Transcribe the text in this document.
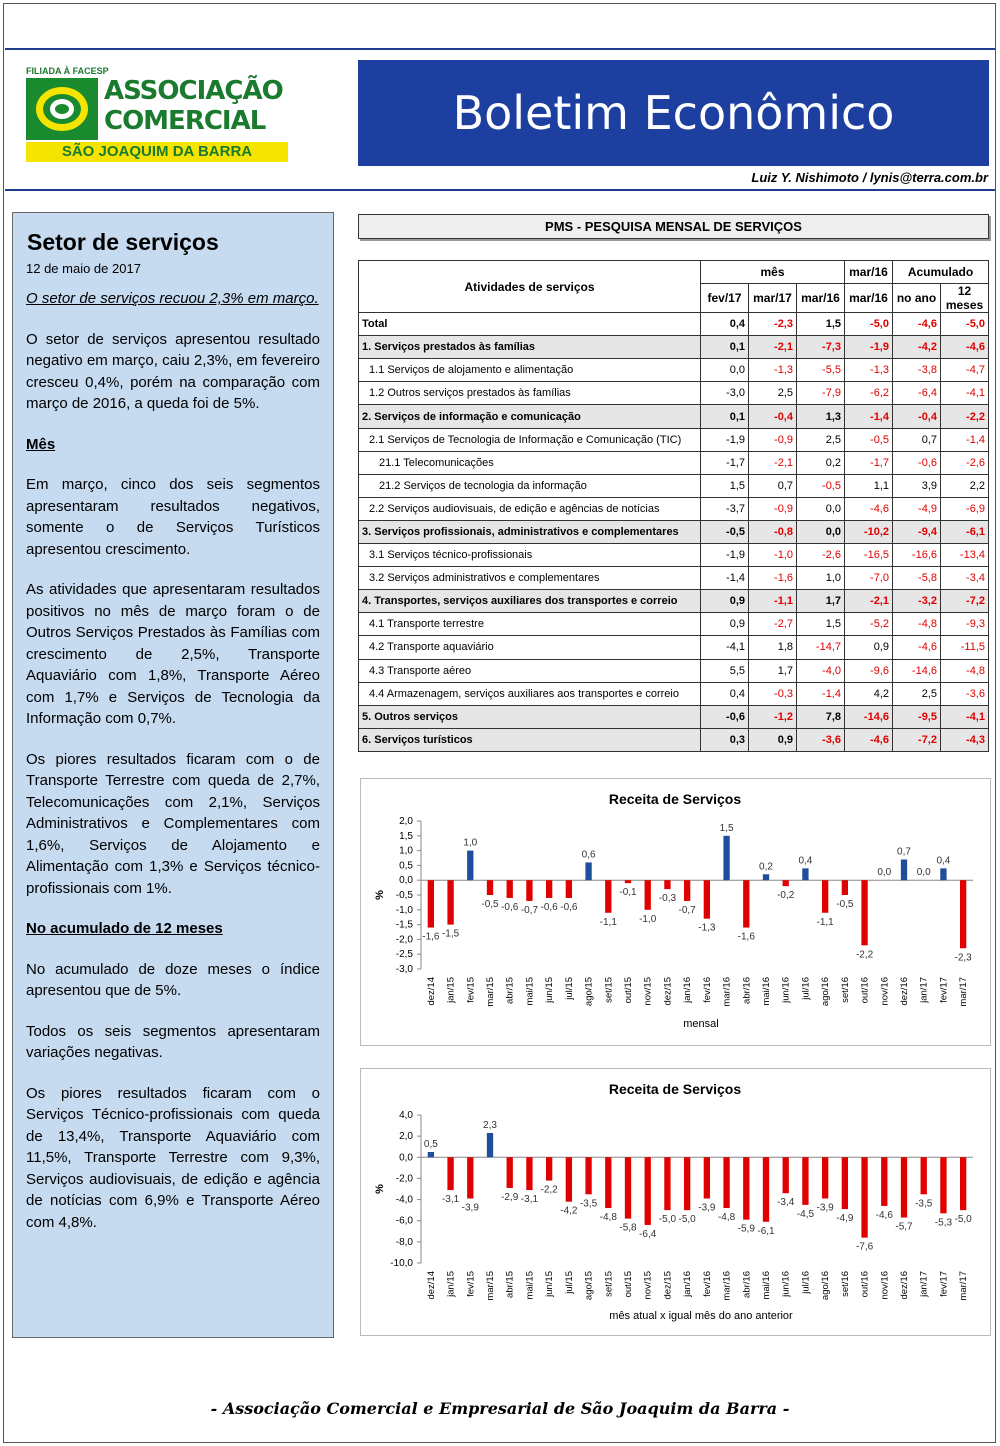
FILIADA À FACESP
ASSOCIAÇÃO
COMERCIAL
SÃO JOAQUIM DA BARRA
Boletim Econômico
Luiz Y. Nishimoto / lynis@terra.com.br
Setor de serviços
12 de maio de 2017

O setor de serviços recuou 2,3% em março.

O setor de serviços apresentou resultado negativo em março, caiu 2,3%, em fevereiro cresceu 0,4%, porém na comparação com março de 2016, a queda foi de 5%.

Mês

Em março, cinco dos seis segmentos apresentaram resultados negativos, somente o de Serviços Turísticos apresentou crescimento.

As atividades que apresentaram resultados positivos no mês de março foram o de Outros Serviços Prestados às Famílias com crescimento de 2,5%, Transporte Aquaviário com 1,8%, Transporte Aéreo com 1,7% e Serviços de Tecnologia da Informação com 0,7%.

Os piores resultados ficaram com o de Transporte Terrestre com queda de 2,7%, Telecomunicações com 2,1%, Serviços Administrativos e Complementares com 1,6%, Serviços de Alojamento e Alimentação com 1,3% e Serviços técnico-profissionais com 1%.

No acumulado de 12 meses

No acumulado de doze meses o índice apresentou que de 5%.

Todos os seis segmentos apresentaram variações negativas.

Os piores resultados ficaram com o Serviços Técnico-profissionais com queda de 13,4%, Transporte Aquaviário com 11,5%, Transporte Terrestre com 9,3%, Serviços audiovisuais, de edição e agência de notícias com 6,9% e Transporte Aéreo com 4,8%.

PMS - PESQUISA MENSAL DE SERVIÇOS
Atividades de serviços	mês			mar/16	Acumulado	
	fev/17	mar/17	mar/16	mar/16	no ano	12 meses
Total	0,4	-2,3	1,5	-5,0	-4,6	-5,0
1. Serviços prestados às famílias	0,1	-2,1	-7,3	-1,9	-4,2	-4,6
1.1 Serviços de alojamento e alimentação	0,0	-1,3	-5,5	-1,3	-3,8	-4,7
1.2 Outros serviços prestados às famílias	-3,0	2,5	-7,9	-6,2	-6,4	-4,1
2. Serviços de informação e comunicação	0,1	-0,4	1,3	-1,4	-0,4	-2,2
2.1 Serviços de Tecnologia de Informação e Comunicação (TIC)	-1,9	-0,9	2,5	-0,5	0,7	-1,4
21.1 Telecomunicações	-1,7	-2,1	0,2	-1,7	-0,6	-2,6
21.2 Serviços de tecnologia da informação	1,5	0,7	-0,5	1,1	3,9	2,2
2.2 Serviços audiovisuais, de edição e agências de notícias	-3,7	-0,9	0,0	-4,6	-4,9	-6,9
3. Serviços profissionais, administrativos e complementares	-0,5	-0,8	0,0	-10,2	-9,4	-6,1
3.1 Serviços técnico-profissionais	-1,9	-1,0	-2,6	-16,5	-16,6	-13,4
3.2 Serviços administrativos e complementares	-1,4	-1,6	1,0	-7,0	-5,8	-3,4
4. Transportes, serviços auxiliares dos transportes e correio	0,9	-1,1	1,7	-2,1	-3,2	-7,2
4.1 Transporte terrestre	0,9	-2,7	1,5	-5,2	-4,8	-9,3
4.2 Transporte aquaviário	-4,1	1,8	-14,7	0,9	-4,6	-11,5
4.3 Transporte aéreo	5,5	1,7	-4,0	-9,6	-14,6	-4,8
4.4 Armazenagem, serviços auxiliares aos transportes e correio	0,4	-0,3	-1,4	4,2	2,5	-3,6
5. Outros serviços	-0,6	-1,2	7,8	-14,6	-9,5	-4,1
6. Serviços turísticos	0,3	0,9	-3,6	-4,6	-7,2	-4,3
Receita de Serviços
2,0
1,5
1,0
0,5
0,0
-0,5
-1,0
-1,5
-2,0
-2,5
-3,0
%
-1,6
dez/14
-1,5
jan/15
1,0
fev/15
-0,5
mar/15
-0,6
abr/15
-0,7
mai/15
-0,6
jun/15
-0,6
jul/15
0,6
ago/15
-1,1
set/15
-0,1
out/15
-1,0
nov/15
-0,3
dez/15
-0,7
jan/16
-1,3
fev/16
1,5
mar/16
-1,6
abr/16
0,2
mai/16
-0,2
jun/16
0,4
jul/16
-1,1
ago/16
-0,5
set/16
-2,2
out/16
0,0
nov/16
0,7
dez/16
0,0
jan/17
0,4
fev/17
-2,3
mar/17
mensal
Receita de Serviços
4,0
2,0
0,0
-2,0
-4,0
-6,0
-8,0
-10,0
%
0,5
dez/14
-3,1
jan/15
-3,9
fev/15
2,3
mar/15
-2,9
abr/15
-3,1
mai/15
-2,2
jun/15
-4,2
jul/15
-3,5
ago/15
-4,8
set/15
-5,8
out/15
-6,4
nov/15
-5,0
dez/15
-5,0
jan/16
-3,9
fev/16
-4,8
mar/16
-5,9
abr/16
-6,1
mai/16
-3,4
jun/16
-4,5
jul/16
-3,9
ago/16
-4,9
set/16
-7,6
out/16
-4,6
nov/16
-5,7
dez/16
-3,5
jan/17
-5,3
fev/17
-5,0
mar/17
mês atual x igual mês do ano anterior
- Associação Comercial e Empresarial de São Joaquim da Barra -
